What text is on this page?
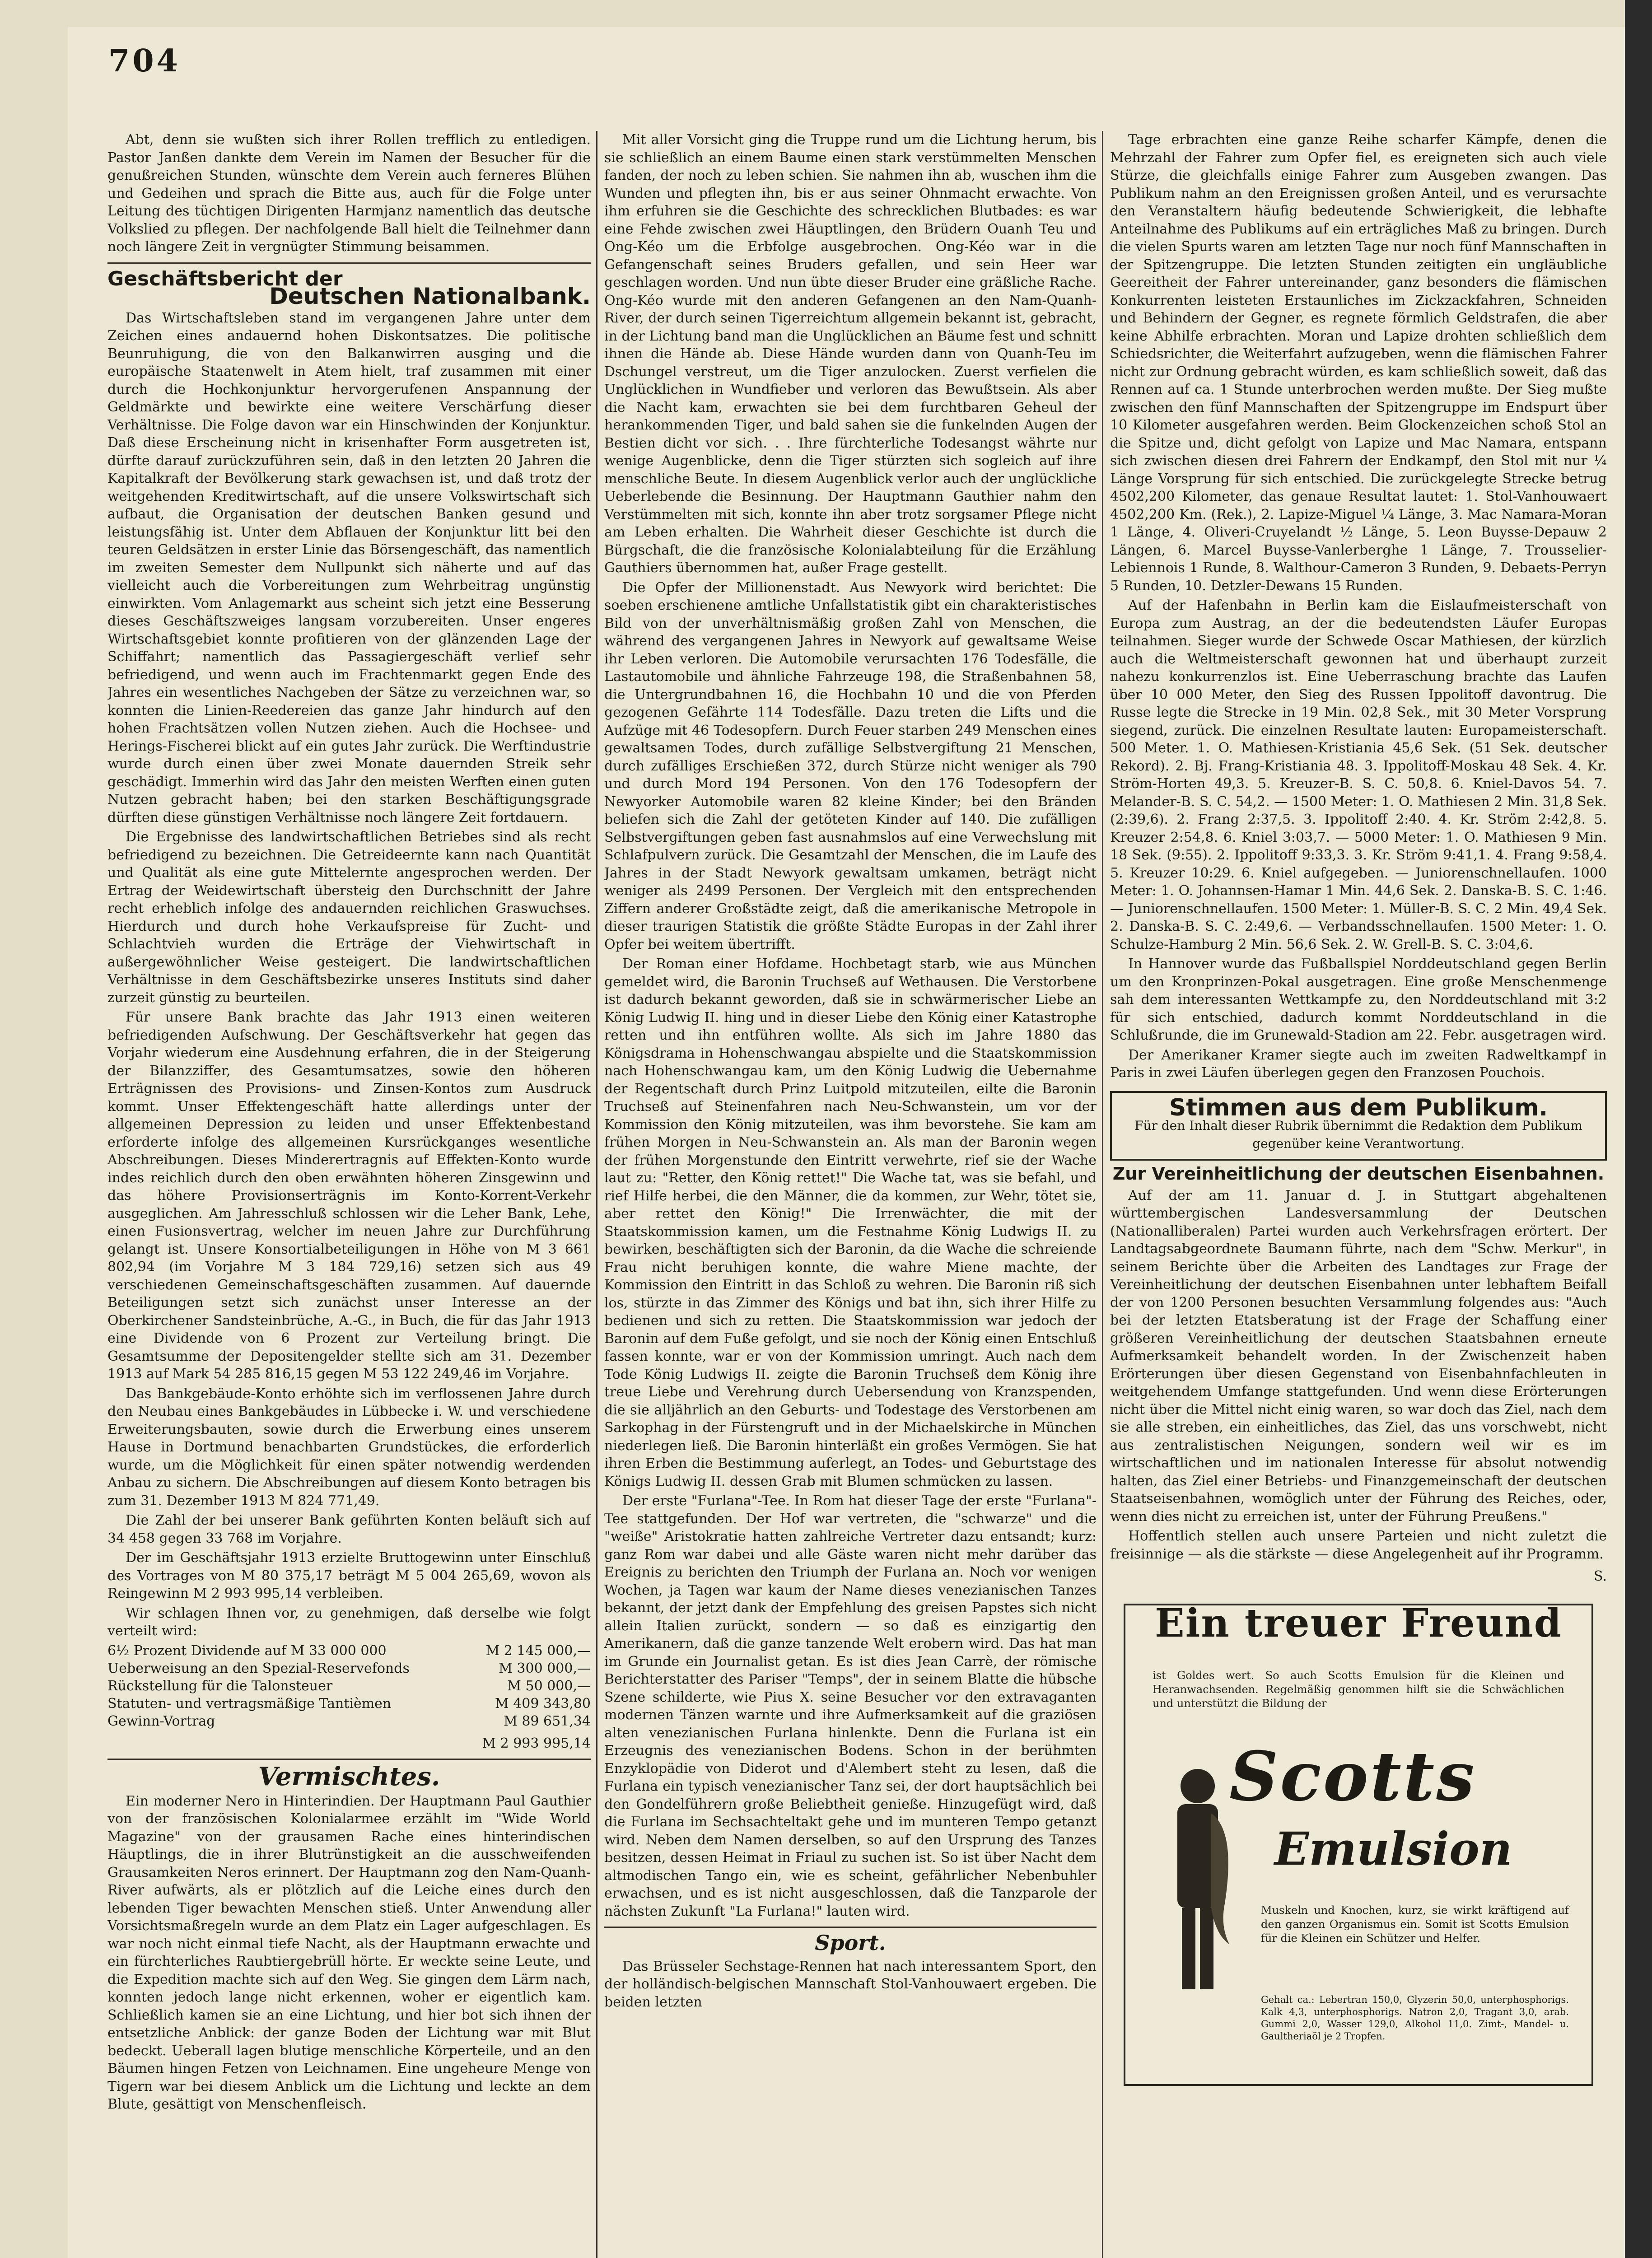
704

Abt, denn sie wußten sich ihrer Rollen trefflich zu entledigen. Pastor Janßen dankte dem Verein im Namen der Besucher für die genußreichen Stunden, wünschte dem Verein auch ferneres Blühen und Gedeihen und sprach die Bitte aus, auch für die Folge unter Leitung des tüchtigen Dirigenten Harmjanz namentlich das deutsche Volkslied zu pflegen. Der nachfolgende Ball hielt die Teilnehmer dann noch längere Zeit in vergnügter Stimmung beisammen.

Geschäftsbericht der
Deutschen Nationalbank.

Das Wirtschaftsleben stand im vergangenen Jahre unter dem Zeichen eines andauernd hohen Diskontsatzes. Die politische Beunruhigung, die von den Balkanwirren ausging und die europäische Staatenwelt in Atem hielt, traf zusammen mit einer durch die Hochkonjunktur hervorgerufenen Anspannung der Geldmärkte und bewirkte eine weitere Verschärfung dieser Verhältnisse. Die Folge davon war ein Hinschwinden der Konjunktur. Daß diese Erscheinung nicht in krisenhafter Form ausgetreten ist, dürfte darauf zurückzuführen sein, daß in den letzten 20 Jahren die Kapitalkraft der Bevölkerung stark gewachsen ist, und daß trotz der weitgehenden Kreditwirtschaft, auf die unsere Volkswirtschaft sich aufbaut, die Organisation der deutschen Banken gesund und leistungsfähig ist. Unter dem Abflauen der Konjunktur litt bei den teuren Geldsätzen in erster Linie das Börsengeschäft, das namentlich im zweiten Semester dem Nullpunkt sich näherte und auf das vielleicht auch die Vorbereitungen zum Wehrbeitrag ungünstig einwirkten. Vom Anlagemarkt aus scheint sich jetzt eine Besserung dieses Geschäftszweiges langsam vorzubereiten. Unser engeres Wirtschaftsgebiet konnte profitieren von der glänzenden Lage der Schiffahrt; namentlich das Passagiergeschäft verlief sehr befriedigend, und wenn auch im Frachtenmarkt gegen Ende des Jahres ein wesentliches Nachgeben der Sätze zu verzeichnen war, so konnten die Linien-Reedereien das ganze Jahr hindurch auf den hohen Frachtsätzen vollen Nutzen ziehen. Auch die Hochsee- und Herings-Fischerei blickt auf ein gutes Jahr zurück. Die Werftindustrie wurde durch einen über zwei Monate dauernden Streik sehr geschädigt. Immerhin wird das Jahr den meisten Werften einen guten Nutzen gebracht haben; bei den starken Beschäftigungsgrade dürften diese günstigen Verhältnisse noch längere Zeit fortdauern.

Die Ergebnisse des landwirtschaftlichen Betriebes sind als recht befriedigend zu bezeichnen. Die Getreideernte kann nach Quantität und Qualität als eine gute Mittelernte angesprochen werden. Der Ertrag der Weidewirtschaft übersteig den Durchschnitt der Jahre recht erheblich infolge des andauernden reichlichen Graswuchses. Hierdurch und durch hohe Verkaufspreise für Zucht- und Schlachtvieh wurden die Erträge der Viehwirtschaft in außergewöhnlicher Weise gesteigert. Die landwirtschaftlichen Verhältnisse in dem Geschäftsbezirke unseres Instituts sind daher zurzeit günstig zu beurteilen.

Für unsere Bank brachte das Jahr 1913 einen weiteren befriedigenden Aufschwung. Der Geschäftsverkehr hat gegen das Vorjahr wiederum eine Ausdehnung erfahren, die in der Steigerung der Bilanzziffer, des Gesamtumsatzes, sowie den höheren Erträgnissen des Provisions- und Zinsen-Kontos zum Ausdruck kommt. Unser Effektengeschäft hatte allerdings unter der allgemeinen Depression zu leiden und unser Effektenbestand erforderte infolge des allgemeinen Kursrückganges wesentliche Abschreibungen. Dieses Minderertragnis auf Effekten-Konto wurde indes reichlich durch den oben erwähnten höheren Zinsgewinn und das höhere Provisionserträgnis im Konto-Korrent-Verkehr ausgeglichen. Am Jahresschluß schlossen wir die Leher Bank, Lehe, einen Fusionsvertrag, welcher im neuen Jahre zur Durchführung gelangt ist. Unsere Konsortialbeteiligungen in Höhe von M 3 661 802,94 (im Vorjahre M 3 184 729,16) setzen sich aus 49 verschiedenen Gemeinschaftsgeschäften zusammen. Auf dauernde Beteiligungen setzt sich zunächst unser Interesse an der Oberkirchener Sandsteinbrüche, A.-G., in Buch, die für das Jahr 1913 eine Dividende von 6 Prozent zur Verteilung bringt. Die Gesamtsumme der Depositengelder stellte sich am 31. Dezember 1913 auf Mark 54 285 816,15 gegen M 53 122 249,46 im Vorjahre.

Das Bankgebäude-Konto erhöhte sich im verflossenen Jahre durch den Neubau eines Bankgebäudes in Lübbecke i. W. und verschiedene Erweiterungsbauten, sowie durch die Erwerbung eines unserem Hause in Dortmund benachbarten Grundstückes, die erforderlich wurde, um die Möglichkeit für einen später notwendig werdenden Anbau zu sichern. Die Abschreibungen auf diesem Konto betragen bis zum 31. Dezember 1913 M 824 771,49.

Die Zahl der bei unserer Bank geführten Konten beläuft sich auf 34 458 gegen 33 768 im Vorjahre.

Der im Geschäftsjahr 1913 erzielte Bruttogewinn unter Einschluß des Vortrages von M 80 375,17 beträgt M 5 004 265,69, wovon als Reingewinn M 2 993 995,14 verbleiben.

Wir schlagen Ihnen vor, zu genehmigen, daß derselbe wie folgt verteilt wird:

6½ Prozent Dividende auf M 33 000 000	M 2 145 000,—
Ueberweisung an den Spezial-Reservefonds	M 300 000,—
Rückstellung für die Talonsteuer	M 50 000,—
Statuten- und vertragsmäßige Tantièmen	M 409 343,80
Gewinn-Vortrag	M 89 651,34
M 2 993 995,14
Vermischtes.

Ein moderner Nero in Hinterindien. Der Hauptmann Paul Gauthier von der französischen Kolonialarmee erzählt im "Wide World Magazine" von der grausamen Rache eines hinterindischen Häuptlings, die in ihrer Blutrünstigkeit an die ausschweifenden Grausamkeiten Neros erinnert. Der Hauptmann zog den Nam-Quanh-River aufwärts, als er plötzlich auf die Leiche eines durch den lebenden Tiger bewachten Menschen stieß. Unter Anwendung aller Vorsichtsmaßregeln wurde an dem Platz ein Lager aufgeschlagen. Es war noch nicht einmal tiefe Nacht, als der Hauptmann erwachte und ein fürchterliches Raubtiergebrüll hörte. Er weckte seine Leute, und die Expedition machte sich auf den Weg. Sie gingen dem Lärm nach, konnten jedoch lange nicht erkennen, woher er eigentlich kam. Schließlich kamen sie an eine Lichtung, und hier bot sich ihnen der entsetzliche Anblick: der ganze Boden der Lichtung war mit Blut bedeckt. Ueberall lagen blutige menschliche Körperteile, und an den Bäumen hingen Fetzen von Leichnamen. Eine ungeheure Menge von Tigern war bei diesem Anblick um die Lichtung und leckte an dem Blute, gesättigt von Menschenfleisch.

Mit aller Vorsicht ging die Truppe rund um die Lichtung herum, bis sie schließlich an einem Baume einen stark verstümmelten Menschen fanden, der noch zu leben schien. Sie nahmen ihn ab, wuschen ihm die Wunden und pflegten ihn, bis er aus seiner Ohnmacht erwachte. Von ihm erfuhren sie die Geschichte des schrecklichen Blutbades: es war eine Fehde zwischen zwei Häuptlingen, den Brüdern Ouanh Teu und Ong-Kéo um die Erbfolge ausgebrochen. Ong-Kéo war in die Gefangenschaft seines Bruders gefallen, und sein Heer war geschlagen worden. Und nun übte dieser Bruder eine gräßliche Rache. Ong-Kéo wurde mit den anderen Gefangenen an den Nam-Quanh-River, der durch seinen Tigerreichtum allgemein bekannt ist, gebracht, in der Lichtung band man die Unglücklichen an Bäume fest und schnitt ihnen die Hände ab. Diese Hände wurden dann von Quanh-Teu im Dschungel verstreut, um die Tiger anzulocken. Zuerst verfielen die Unglücklichen in Wundfieber und verloren das Bewußtsein. Als aber die Nacht kam, erwachten sie bei dem furchtbaren Geheul der herankommenden Tiger, und bald sahen sie die funkelnden Augen der Bestien dicht vor sich. . . Ihre fürchterliche Todesangst währte nur wenige Augenblicke, denn die Tiger stürzten sich sogleich auf ihre menschliche Beute. In diesem Augenblick verlor auch der unglückliche Ueberlebende die Besinnung. Der Hauptmann Gauthier nahm den Verstümmelten mit sich, konnte ihn aber trotz sorgsamer Pflege nicht am Leben erhalten. Die Wahrheit dieser Geschichte ist durch die Bürgschaft, die die französische Kolonialabteilung für die Erzählung Gauthiers übernommen hat, außer Frage gestellt.

Die Opfer der Millionenstadt. Aus Newyork wird berichtet: Die soeben erschienene amtliche Unfallstatistik gibt ein charakteristisches Bild von der unverhältnismäßig großen Zahl von Menschen, die während des vergangenen Jahres in Newyork auf gewaltsame Weise ihr Leben verloren. Die Automobile verursachten 176 Todesfälle, die Lastautomobile und ähnliche Fahrzeuge 198, die Straßenbahnen 58, die Untergrundbahnen 16, die Hochbahn 10 und die von Pferden gezogenen Gefährte 114 Todesfälle. Dazu treten die Lifts und die Aufzüge mit 46 Todesopfern. Durch Feuer starben 249 Menschen eines gewaltsamen Todes, durch zufällige Selbstvergiftung 21 Menschen, durch zufälliges Erschießen 372, durch Stürze nicht weniger als 790 und durch Mord 194 Personen. Von den 176 Todesopfern der Newyorker Automobile waren 82 kleine Kinder; bei den Bränden beliefen sich die Zahl der getöteten Kinder auf 140. Die zufälligen Selbstvergiftungen geben fast ausnahmslos auf eine Verwechslung mit Schlafpulvern zurück. Die Gesamtzahl der Menschen, die im Laufe des Jahres in der Stadt Newyork gewaltsam umkamen, beträgt nicht weniger als 2499 Personen. Der Vergleich mit den entsprechenden Ziffern anderer Großstädte zeigt, daß die amerikanische Metropole in dieser traurigen Statistik die größte Städte Europas in der Zahl ihrer Opfer bei weitem übertrifft.

Der Roman einer Hofdame. Hochbetagt starb, wie aus München gemeldet wird, die Baronin Truchseß auf Wethausen. Die Verstorbene ist dadurch bekannt geworden, daß sie in schwärmerischer Liebe an König Ludwig II. hing und in dieser Liebe den König einer Katastrophe retten und ihn entführen wollte. Als sich im Jahre 1880 das Königsdrama in Hohenschwangau abspielte und die Staatskommission nach Hohenschwangau kam, um den König Ludwig die Uebernahme der Regentschaft durch Prinz Luitpold mitzuteilen, eilte die Baronin Truchseß auf Steinenfahren nach Neu-Schwanstein, um vor der Kommission den König mitzuteilen, was ihm bevorstehe. Sie kam am frühen Morgen in Neu-Schwanstein an. Als man der Baronin wegen der frühen Morgenstunde den Eintritt verwehrte, rief sie der Wache laut zu: "Retter, den König rettet!" Die Wache tat, was sie befahl, und rief Hilfe herbei, die den Männer, die da kommen, zur Wehr, tötet sie, aber rettet den König!" Die Irrenwächter, die mit der Staatskommission kamen, um die Festnahme König Ludwigs II. zu bewirken, beschäftigten sich der Baronin, da die Wache die schreiende Frau nicht beruhigen konnte, die wahre Miene machte, der Kommission den Eintritt in das Schloß zu wehren. Die Baronin riß sich los, stürzte in das Zimmer des Königs und bat ihn, sich ihrer Hilfe zu bedienen und sich zu retten. Die Staatskommission war jedoch der Baronin auf dem Fuße gefolgt, und sie noch der König einen Entschluß fassen konnte, war er von der Kommission umringt. Auch nach dem Tode König Ludwigs II. zeigte die Baronin Truchseß dem König ihre treue Liebe und Verehrung durch Uebersendung von Kranzspenden, die sie alljährlich an den Geburts- und Todestage des Verstorbenen am Sarkophag in der Fürstengruft und in der Michaelskirche in München niederlegen ließ. Die Baronin hinterläßt ein großes Vermögen. Sie hat ihren Erben die Bestimmung auferlegt, an Todes- und Geburtstage des Königs Ludwig II. dessen Grab mit Blumen schmücken zu lassen.

Der erste "Furlana"-Tee. In Rom hat dieser Tage der erste "Furlana"-Tee stattgefunden. Der Hof war vertreten, die "schwarze" und die "weiße" Aristokratie hatten zahlreiche Vertreter dazu entsandt; kurz: ganz Rom war dabei und alle Gäste waren nicht mehr darüber das Ereignis zu berichten den Triumph der Furlana an. Noch vor wenigen Wochen, ja Tagen war kaum der Name dieses venezianischen Tanzes bekannt, der jetzt dank der Empfehlung des greisen Papstes sich nicht allein Italien zurückt, sondern — so daß es einzigartig den Amerikanern, daß die ganze tanzende Welt erobern wird. Das hat man im Grunde ein Journalist getan. Es ist dies Jean Carrè, der römische Berichterstatter des Pariser "Temps", der in seinem Blatte die hübsche Szene schilderte, wie Pius X. seine Besucher vor den extravaganten modernen Tänzen warnte und ihre Aufmerksamkeit auf die graziösen alten venezianischen Furlana hinlenkte. Denn die Furlana ist ein Erzeugnis des venezianischen Bodens. Schon in der berühmten Enzyklopädie von Diderot und d'Alembert steht zu lesen, daß die Furlana ein typisch venezianischer Tanz sei, der dort hauptsächlich bei den Gondelführern große Beliebtheit genieße. Hinzugefügt wird, daß die Furlana im Sechsachteltakt gehe und im munteren Tempo getanzt wird. Neben dem Namen derselben, so auf den Ursprung des Tanzes besitzen, dessen Heimat in Friaul zu suchen ist. So ist über Nacht dem altmodischen Tango ein, wie es scheint, gefährlicher Nebenbuhler erwachsen, und es ist nicht ausgeschlossen, daß die Tanzparole der nächsten Zukunft "La Furlana!" lauten wird.

Sport.

Das Brüsseler Sechstage-Rennen hat nach interessantem Sport, den der holländisch-belgischen Mannschaft Stol-Vanhouwaert ergeben. Die beiden letzten

Tage erbrachten eine ganze Reihe scharfer Kämpfe, denen die Mehrzahl der Fahrer zum Opfer fiel, es ereigneten sich auch viele Stürze, die gleichfalls einige Fahrer zum Ausgeben zwangen. Das Publikum nahm an den Ereignissen großen Anteil, und es verursachte den Veranstaltern häufig bedeutende Schwierigkeit, die lebhafte Anteilnahme des Publikums auf ein erträgliches Maß zu bringen. Durch die vielen Spurts waren am letzten Tage nur noch fünf Mannschaften in der Spitzengruppe. Die letzten Stunden zeitigten ein ungläubliche Geereitheit der Fahrer untereinander, ganz besonders die flämischen Konkurrenten leisteten Erstaunliches im Zickzackfahren, Schneiden und Behindern der Gegner, es regnete förmlich Geldstrafen, die aber keine Abhilfe erbrachten. Moran und Lapize drohten schließlich dem Schiedsrichter, die Weiterfahrt aufzugeben, wenn die flämischen Fahrer nicht zur Ordnung gebracht würden, es kam schließlich soweit, daß das Rennen auf ca. 1 Stunde unterbrochen werden mußte. Der Sieg mußte zwischen den fünf Mannschaften der Spitzengruppe im Endspurt über 10 Kilometer ausgefahren werden. Beim Glockenzeichen schoß Stol an die Spitze und, dicht gefolgt von Lapize und Mac Namara, entspann sich zwischen diesen drei Fahrern der Endkampf, den Stol mit nur ¼ Länge Vorsprung für sich entschied. Die zurückgelegte Strecke betrug 4502,200 Kilometer, das genaue Resultat lautet: 1. Stol-Vanhouwaert 4502,200 Km. (Rek.), 2. Lapize-Miguel ¼ Länge, 3. Mac Namara-Moran 1 Länge, 4. Oliveri-Cruyelandt ½ Länge, 5. Leon Buysse-Depauw 2 Längen, 6. Marcel Buysse-Vanlerberghe 1 Länge, 7. Trousselier-Lebiennois 1 Runde, 8. Walthour-Cameron 3 Runden, 9. Debaets-Perryn 5 Runden, 10. Detzler-Dewans 15 Runden.

Auf der Hafenbahn in Berlin kam die Eislaufmeisterschaft von Europa zum Austrag, an der die bedeutendsten Läufer Europas teilnahmen. Sieger wurde der Schwede Oscar Mathiesen, der kürzlich auch die Weltmeisterschaft gewonnen hat und überhaupt zurzeit nahezu konkurrenzlos ist. Eine Ueberraschung brachte das Laufen über 10 000 Meter, den Sieg des Russen Ippolitoff davontrug. Die Russe legte die Strecke in 19 Min. 02,8 Sek., mit 30 Meter Vorsprung siegend, zurück. Die einzelnen Resultate lauten: Europameisterschaft. 500 Meter. 1. O. Mathiesen-Kristiania 45,6 Sek. (51 Sek. deutscher Rekord). 2. Bj. Frang-Kristiania 48. 3. Ippolitoff-Moskau 48 Sek. 4. Kr. Ström-Horten 49,3. 5. Kreuzer-B. S. C. 50,8. 6. Kniel-Davos 54. 7. Melander-B. S. C. 54,2. — 1500 Meter: 1. O. Mathiesen 2 Min. 31,8 Sek. (2:39,6). 2. Frang 2:37,5. 3. Ippolitoff 2:40. 4. Kr. Ström 2:42,8. 5. Kreuzer 2:54,8. 6. Kniel 3:03,7. — 5000 Meter: 1. O. Mathiesen 9 Min. 18 Sek. (9:55). 2. Ippolitoff 9:33,3. 3. Kr. Ström 9:41,1. 4. Frang 9:58,4. 5. Kreuzer 10:29. 6. Kniel aufgegeben. — Juniorenschnellaufen. 1000 Meter: 1. O. Johannsen-Hamar 1 Min. 44,6 Sek. 2. Danska-B. S. C. 1:46. — Juniorenschnellaufen. 1500 Meter: 1. Müller-B. S. C. 2 Min. 49,4 Sek. 2. Danska-B. S. C. 2:49,6. — Verbandsschnellaufen. 1500 Meter: 1. O. Schulze-Hamburg 2 Min. 56,6 Sek. 2. W. Grell-B. S. C. 3:04,6.

In Hannover wurde das Fußballspiel Norddeutschland gegen Berlin um den Kronprinzen-Pokal ausgetragen. Eine große Menschenmenge sah dem interessanten Wettkampfe zu, den Norddeutschland mit 3:2 für sich entschied, dadurch kommt Norddeutschland in die Schlußrunde, die im Grunewald-Stadion am 22. Febr. ausgetragen wird.

Der Amerikaner Kramer siegte auch im zweiten Radweltkampf in Paris in zwei Läufen überlegen gegen den Franzosen Pouchois.

Stimmen aus dem Publikum.
Für den Inhalt dieser Rubrik übernimmt die Redaktion dem Publikum gegenüber keine Verantwortung.
Zur Vereinheitlichung der deutschen Eisenbahnen.

Auf der am 11. Januar d. J. in Stuttgart abgehaltenen württembergischen Landesversammlung der Deutschen (Nationalliberalen) Partei wurden auch Verkehrsfragen erörtert. Der Landtagsabgeordnete Baumann führte, nach dem "Schw. Merkur", in seinem Berichte über die Arbeiten des Landtages zur Frage der Vereinheitlichung der deutschen Eisenbahnen unter lebhaftem Beifall der von 1200 Personen besuchten Versammlung folgendes aus: "Auch bei der letzten Etatsberatung ist der Frage der Schaffung einer größeren Vereinheitlichung der deutschen Staatsbahnen erneute Aufmerksamkeit behandelt worden. In der Zwischenzeit haben Erörterungen über diesen Gegenstand von Eisenbahnfachleuten in weitgehendem Umfange stattgefunden. Und wenn diese Erörterungen nicht über die Mittel nicht einig waren, so war doch das Ziel, nach dem sie alle streben, ein einheitliches, das Ziel, das uns vorschwebt, nicht aus zentralistischen Neigungen, sondern weil wir es im wirtschaftlichen und im nationalen Interesse für absolut notwendig halten, das Ziel einer Betriebs- und Finanzgemeinschaft der deutschen Staatseisenbahnen, womöglich unter der Führung des Reiches, oder, wenn dies nicht zu erreichen ist, unter der Führung Preußens."

Hoffentlich stellen auch unsere Parteien und nicht zuletzt die freisinnige — als die stärkste — diese Angelegenheit auf ihr Programm.

S.
Ein treuer Freund
ist Goldes wert. So auch Scotts Emulsion für die Kleinen und Heranwachsenden. Regelmäßig genommen hilft sie die Schwächlichen und unterstützt die Bildung der
Scotts
Emulsion
Muskeln und Knochen, kurz, sie wirkt kräftigend auf den ganzen Organismus ein. Somit ist Scotts Emulsion für die Kleinen ein Schützer und Helfer.
Gehalt ca.: Lebertran 150,0, Glyzerin 50,0, unterphosphorigs. Kalk 4,3, unterphosphorigs. Natron 2,0, Tragant 3,0, arab. Gummi 2,0, Wasser 129,0, Alkohol 11,0. Zimt-, Mandel- u. Gaultheriaöl je 2 Tropfen.
